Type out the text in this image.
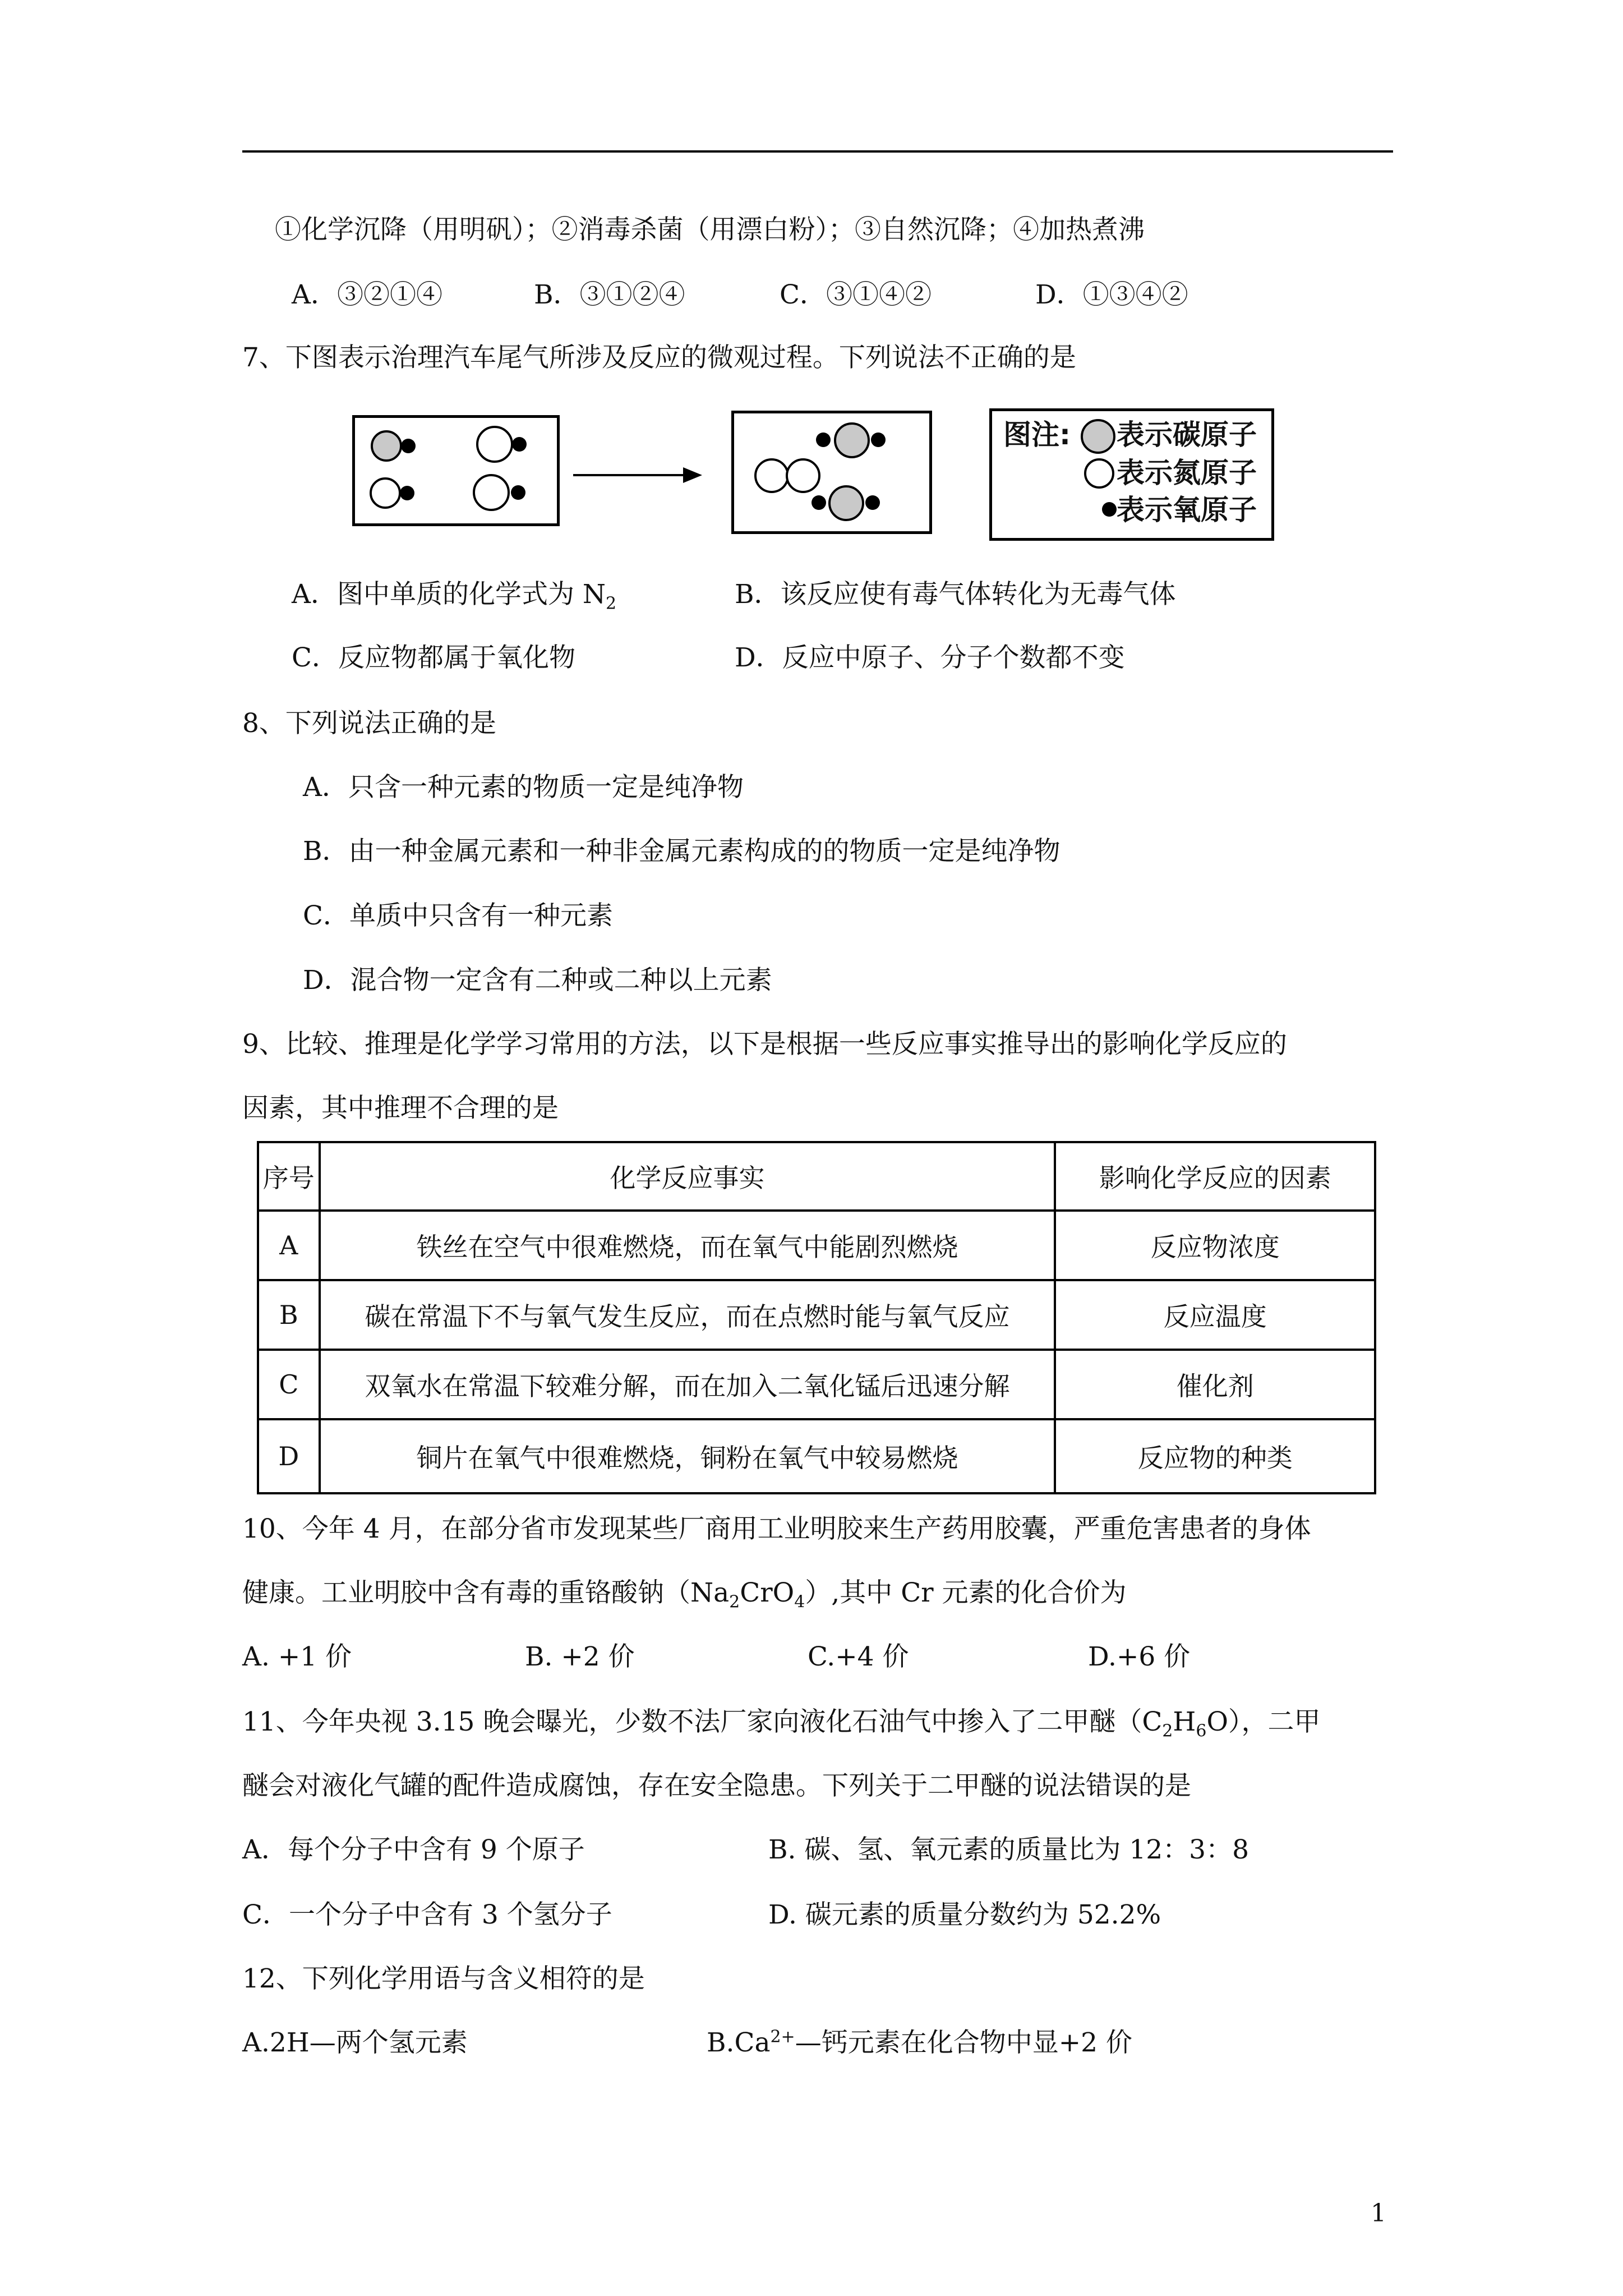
①化学沉降（用明矾）；②消毒杀菌（用漂白粉）；③自然沉降；④加热煮沸
A．③②①④	B．③①②④	C．③①④②	D．①③④②
7、下图表示治理汽车尾气所涉及反应的微观过程。下列说法不正确的是
图注: 表示碳原子
表示氮原子
表示氧原子
A．图中单质的化学式为 $N_2$	B．该反应使有毒气体转化为无毒气体
C．反应物都属于氧化物	D．反应中原子、分子个数都不变
8、下列说法正确的是
A．只含一种元素的物质一定是纯净物
B．由一种金属元素和一种非金属元素构成的的物质一定是纯净物
C．单质中只含有一种元素
D．混合物一定含有二种或二种以上元素
9、比较、推理是化学学习常用的方法，以下是根据一些反应事实推导出的影响化学反应的
因素，其中推理不合理的是
序号	化学反应事实	影响化学反应的因素
A	铁丝在空气中很难燃烧，而在氧气中能剧烈燃烧	反应物浓度
B	碳在常温下不与氧气发生反应，而在点燃时能与氧气反应	反应温度
C	双氧水在常温下较难分解，而在加入二氧化锰后迅速分解	催化剂
D	铜片在氧气中很难燃烧，铜粉在氧气中较易燃烧	反应物的种类
10、今年 4 月，在部分省市发现某些厂商用工业明胶来生产药用胶囊，严重危害患者的身体
健康。工业明胶中含有毒的重铬酸钠$(Na_2CrO_4)$,其中 Cr 元素的化合价为
A. +1 价	B. +2 价	C.+4 价	D.+6 价
11、今年央视 3.15 晚会曝光，少数不法厂家向液化石油气中掺入了二甲醚$(C_2H_6O)$，二甲
醚会对液化气罐的配件造成腐蚀，存在安全隐患。下列关于二甲醚的说法错误的是
A．每个分子中含有 9 个原子	B. 碳、氢、氧元素的质量比为 12：3：8
C．一个分子中含有 3 个氢分子	D. 碳元素的质量分数约为 52.2%
12、下列化学用语与含义相符的是
A.2H—两个氢元素	$B.Ca^{2+}—$钙元素在化合物中显+2 价
1
